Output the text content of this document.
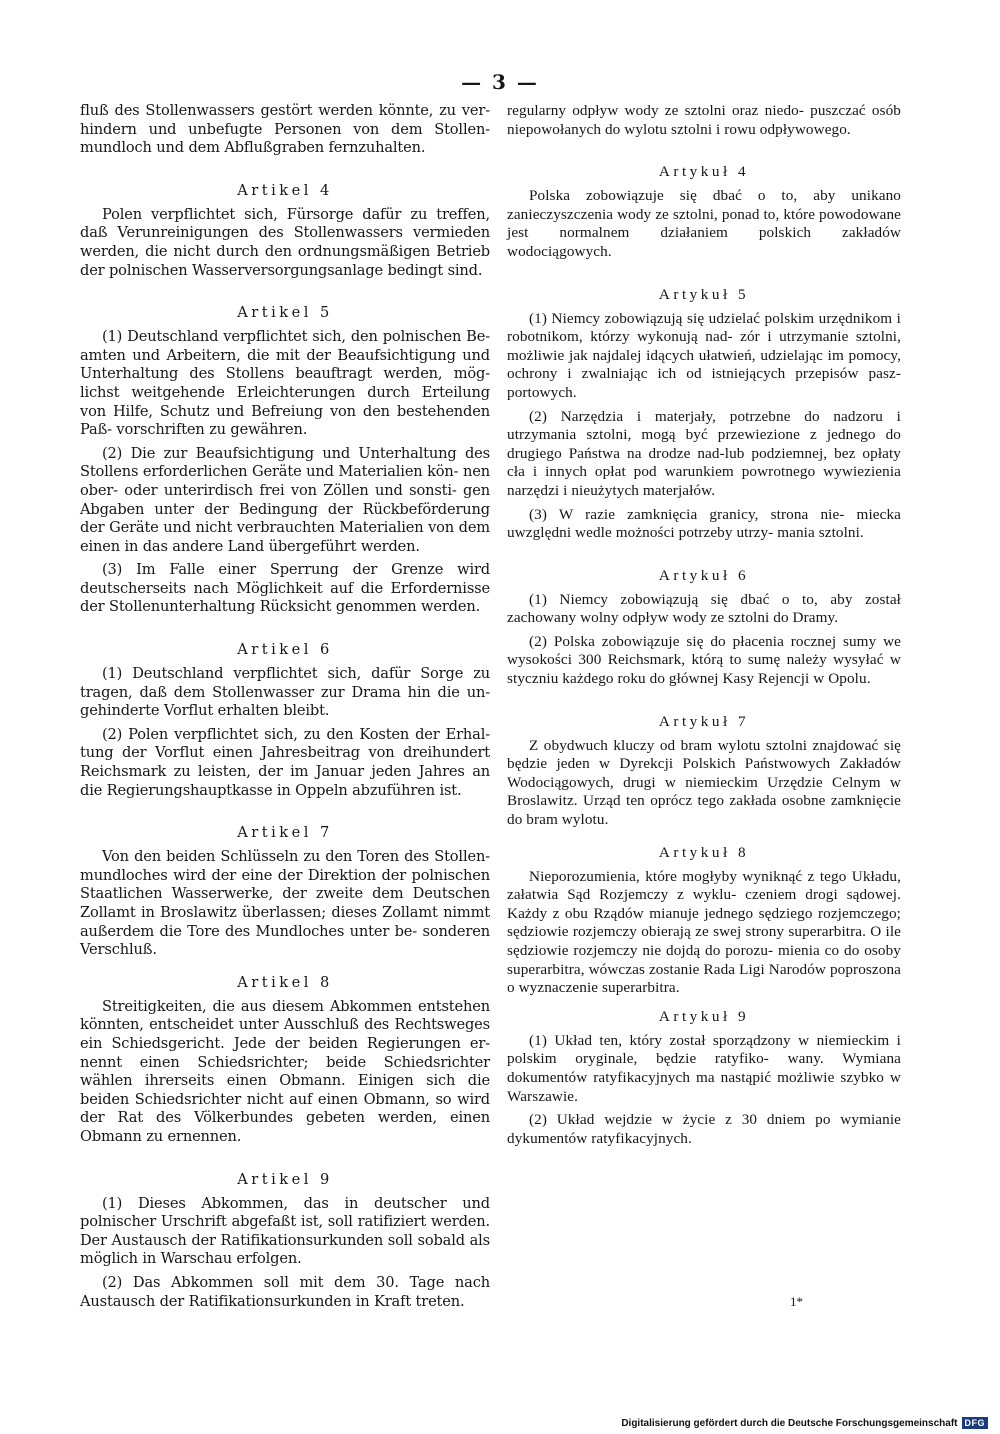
— 3 —

fluß des Stollenwassers gestört werden könnte, zu ver- hindern und unbefugte Personen von dem Stollen- mundloch und dem Abflußgraben fernzuhalten.

Artikel 4

Polen verpflichtet sich, Fürsorge dafür zu treffen, daß Verunreinigungen des Stollenwassers vermieden werden, die nicht durch den ordnungsmäßigen Betrieb der polnischen Wasserversorgungsanlage bedingt sind.

Artikel 5

(1) Deutschland verpflichtet sich, den polnischen Be- amten und Arbeitern, die mit der Beaufsichtigung und Unterhaltung des Stollens beauftragt werden, mög- lichst weitgehende Erleichterungen durch Erteilung von Hilfe, Schutz und Befreiung von den bestehenden Paß- vorschriften zu gewähren.

(2) Die zur Beaufsichtigung und Unterhaltung des Stollens erforderlichen Geräte und Materialien kön- nen ober- oder unterirdisch frei von Zöllen und sonsti- gen Abgaben unter der Bedingung der Rückbeförderung der Geräte und nicht verbrauchten Materialien von dem einen in das andere Land übergeführt werden.

(3) Im Falle einer Sperrung der Grenze wird deutscherseits nach Möglichkeit auf die Erfordernisse der Stollenunterhaltung Rücksicht genommen werden.

Artikel 6

(1) Deutschland verpflichtet sich, dafür Sorge zu tragen, daß dem Stollenwasser zur Drama hin die un- gehinderte Vorflut erhalten bleibt.

(2) Polen verpflichtet sich, zu den Kosten der Erhal- tung der Vorflut einen Jahresbeitrag von dreihundert Reichsmark zu leisten, der im Januar jeden Jahres an die Regierungshauptkasse in Oppeln abzuführen ist.

Artikel 7

Von den beiden Schlüsseln zu den Toren des Stollen- mundloches wird der eine der Direktion der polnischen Staatlichen Wasserwerke, der zweite dem Deutschen Zollamt in Broslawitz überlassen; dieses Zollamt nimmt außerdem die Tore des Mundloches unter be- sonderen Verschluß.

Artikel 8

Streitigkeiten, die aus diesem Abkommen entstehen könnten, entscheidet unter Ausschluß des Rechtsweges ein Schiedsgericht. Jede der beiden Regierungen er- nennt einen Schiedsrichter; beide Schiedsrichter wählen ihrerseits einen Obmann. Einigen sich die beiden Schiedsrichter nicht auf einen Obmann, so wird der Rat des Völkerbundes gebeten werden, einen Obmann zu ernennen.

Artikel 9

(1) Dieses Abkommen, das in deutscher und polnischer Urschrift abgefaßt ist, soll ratifiziert werden. Der Austausch der Ratifikationsurkunden soll sobald als möglich in Warschau erfolgen.

(2) Das Abkommen soll mit dem 30. Tage nach Austausch der Ratifikationsurkunden in Kraft treten.

regularny odpływ wody ze sztolni oraz niedo- puszczać osób niepowołanych do wylotu sztolni i rowu odpływowego.

Artykuł 4

Polska zobowiązuje się dbać o to, aby unikano zanieczyszczenia wody ze sztolni, ponad to, które powodowane jest normalnem działaniem polskich zakładów wodociągowych.

Artykuł 5

(1) Niemcy zobowiązują się udzielać polskim urzędnikom i robotnikom, którzy wykonują nad- zór i utrzymanie sztolni, możliwie jak najdalej idących ułatwień, udzielając im pomocy, ochrony i zwalniając ich od istniejących przepisów pasz- portowych.

(2) Narzędzia i materjały, potrzebne do nadzoru i utrzymania sztolni, mogą być przewiezione z jednego do drugiego Państwa na drodze nad-lub podziemnej, bez opłaty cła i innych opłat pod warunkiem powrotnego wywiezienia narzędzi i nieużytych materjałów.

(3) W razie zamknięcia granicy, strona nie- miecka uwzględni wedle możności potrzeby utrzy- mania sztolni.

Artykuł 6

(1) Niemcy zobowiązują się dbać o to, aby został zachowany wolny odpływ wody ze sztolni do Dramy.

(2) Polska zobowiązuje się do płacenia rocznej sumy we wysokości 300 Reichsmark, którą to sumę należy wysyłać w styczniu każdego roku do głównej Kasy Rejencji w Opolu.

Artykuł 7

Z obydwuch kluczy od bram wylotu sztolni znajdować się będzie jeden w Dyrekcji Polskich Państwowych Zakładów Wodociągowych, drugi w niemieckim Urzędzie Celnym w Broslawitz. Urząd ten oprócz tego zakłada osobne zamknięcie do bram wylotu.

Artykuł 8

Nieporozumienia, które mogłyby wyniknąć z tego Układu, załatwia Sąd Rozjemczy z wyklu- czeniem drogi sądowej. Każdy z obu Rządów mianuje jednego sędziego rozjemczego; sędziowie rozjemczy obierają ze swej strony superarbitra. O ile sędziowie rozjemczy nie dojdą do porozu- mienia co do osoby superarbitra, wówczas zostanie Rada Ligi Narodów poproszona o wyznaczenie superarbitra.

Artykuł 9

(1) Układ ten, który został sporządzony w niemieckim i polskim oryginale, będzie ratyfiko- wany. Wymiana dokumentów ratyfikacyjnych ma nastąpić możliwie szybko w Warszawie.

(2) Układ wejdzie w życie z 30 dniem po wymianie dykumentów ratyfikacyjnych.

1*
Digitalisierung gefördert durch die Deutsche Forschungsgemeinschaft DFG
